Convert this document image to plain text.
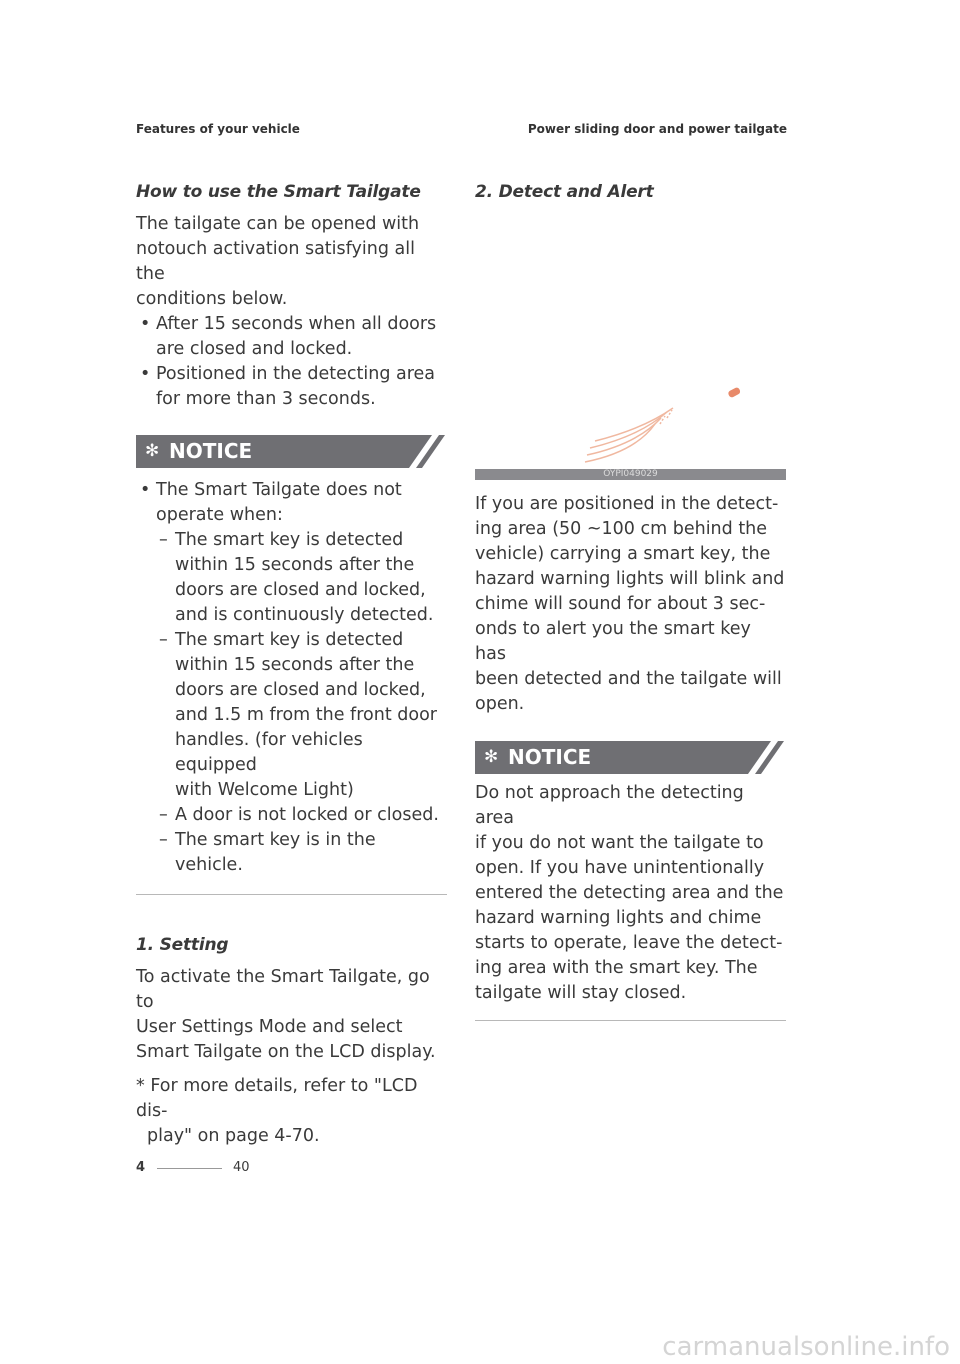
Features of your vehicle	Power sliding door and power tailgate
How to use the Smart Tailgate
The tailgate can be opened with
notouch activation satisfying all the
conditions below.
• After 15 seconds when all doors
are closed and locked.
• Positioned in the detecting area
for more than 3 seconds.
✻ NOTICE
• The Smart Tailgate does not
operate when:
– The smart key is detected
within 15 seconds after the
doors are closed and locked,
and is continuously detected.
– The smart key is detected
within 15 seconds after the
doors are closed and locked,
and 1.5 m from the front door
handles. (for vehicles equipped
with Welcome Light)
– A door is not locked or closed.
– The smart key is in the vehicle.
1. Setting
To activate the Smart Tailgate, go to
User Settings Mode and select
Smart Tailgate on the LCD display.
* For more details, refer to "LCD dis-
play" on page 4-70.
2. Detect and Alert
OYPI049029
If you are positioned in the detect-
ing area (50 ~100 cm behind the
vehicle) carrying a smart key, the
hazard warning lights will blink and
chime will sound for about 3 sec-
onds to alert you the smart key has
been detected and the tailgate will
open.
✻ NOTICE
Do not approach the detecting area
if you do not want the tailgate to
open. If you have unintentionally
entered the detecting area and the
hazard warning lights and chime
starts to operate, leave the detect-
ing area with the smart key. The
tailgate will stay closed.
4	40
carmanualsonline.info
